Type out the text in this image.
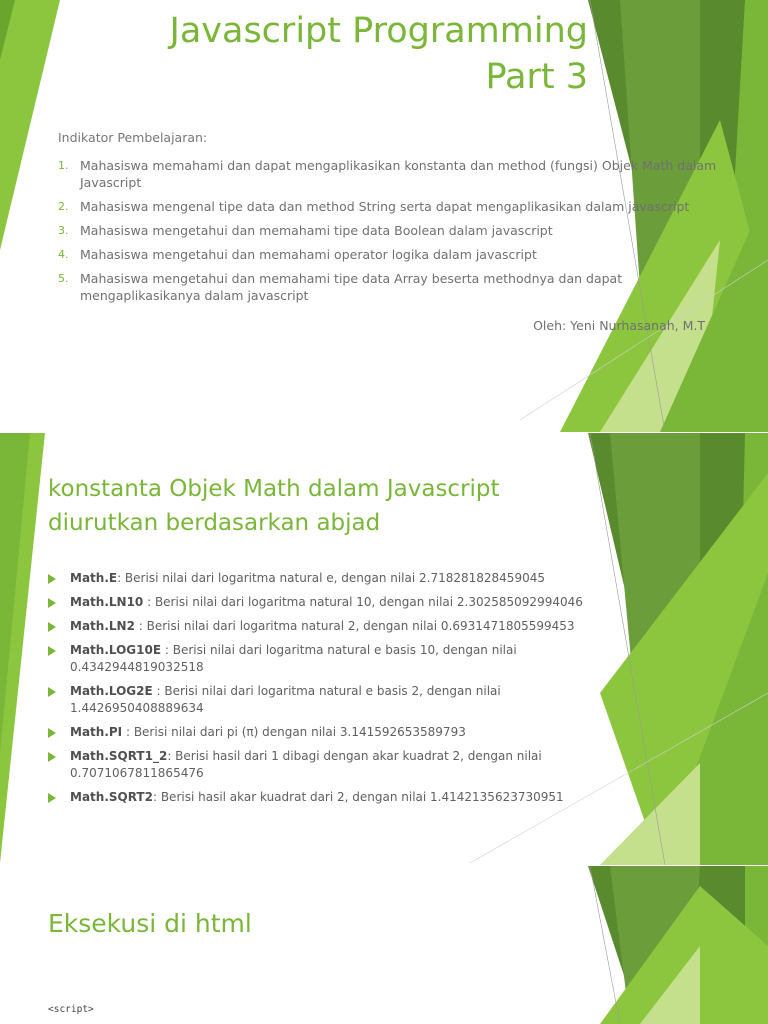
Javascript Programming
Part 3

Indikator Pembelajaran:

1. Mahasiswa memahami dan dapat mengaplikasikan konstanta dan method (fungsi) Objek Math dalam Javascript
2. Mahasiswa mengenal tipe data dan method String serta dapat mengaplikasikan dalam javascript
3. Mahasiswa mengetahui dan memahami tipe data Boolean dalam javascript
4. Mahasiswa mengetahui dan memahami operator logika dalam javascript
5. Mahasiswa mengetahui dan memahami tipe data Array beserta methodnya dan dapat mengaplikasikanya dalam javascript

Oleh: Yeni Nurhasanah, M.T

konstanta Objek Math dalam Javascript
diurutkan berdasarkan abjad
Math.E: Berisi nilai dari logaritma natural e, dengan nilai 2.718281828459045
Math.LN10 : Berisi nilai dari logaritma natural 10, dengan nilai 2.302585092994046
Math.LN2 : Berisi nilai dari logaritma natural 2, dengan nilai 0.6931471805599453
Math.LOG10E : Berisi nilai dari logaritma natural e basis 10, dengan nilai 0.4342944819032518
Math.LOG2E : Berisi nilai dari logaritma natural e basis 2, dengan nilai 1.4426950408889634
Math.PI : Berisi nilai dari pi (π) dengan nilai 3.141592653589793
Math.SQRT1_2: Berisi hasil dari 1 dibagi dengan akar kuadrat 2, dengan nilai 0.7071067811865476
Math.SQRT2: Berisi hasil akar kuadrat dari 2, dengan nilai 1.4142135623730951
Eksekusi di html

<script>
